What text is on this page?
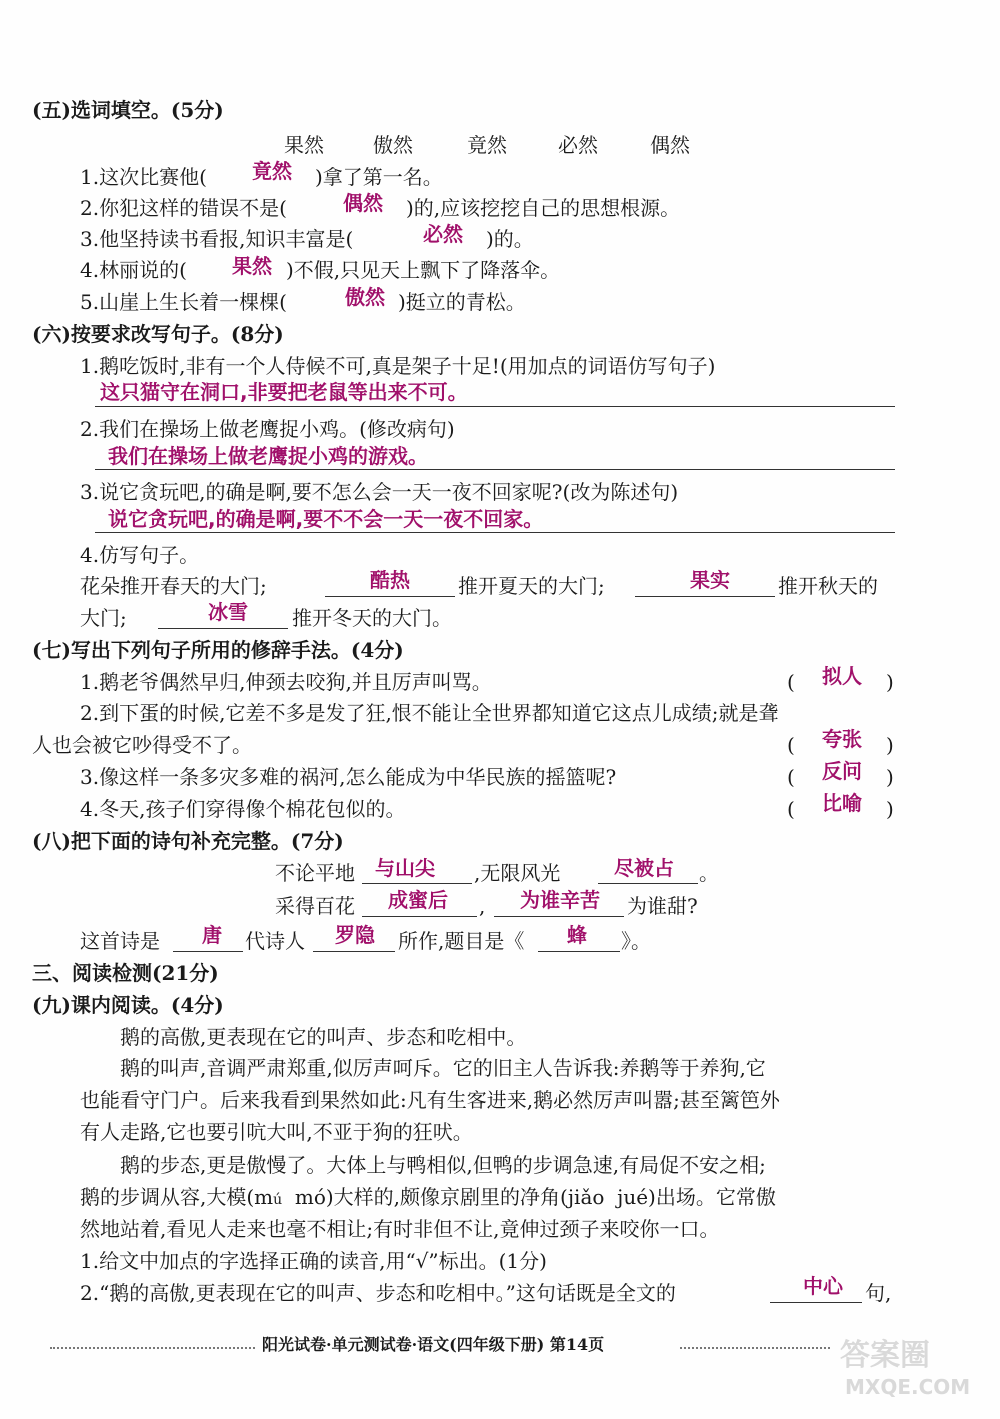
(五)选词填空。(5分)
果然 傲然	竟然	必然	偶然
1.这次比赛他( 竟然 )拿了第一名。
2.你犯这样的错误不是(	偶然 )的,应该挖挖自己的思想根源。
3.他坚持读书看报,知识丰富是(	必然 )的。
4.林丽说的( 果然 )不假,只见天上飘下了降落伞。
5.山崖上生长着一棵棵(	傲然 )挺立的青松。
(六)按要求改写句子。(8分)
1.鹅吃饭时,非有一个人侍候不可,真是架子十足!(用加点的词语仿写句子)
这只猫守在洞口,非要把老鼠等出来不可。
2.我们在操场上做老鹰捉小鸡。(修改病句)
我们在操场上做老鹰捉小鸡的游戏。
3.说它贪玩吧,的确是啊,要不怎么会一天一夜不回家呢?(改为陈述句)
说它贪玩吧,的确是啊,要不不会一天一夜不回家。
4.仿写句子。
花朵推开春天的大门;	酷热 推开夏天的大门;	果实 推开秋天的
大门;	冰雪 推开冬天的大门。
(七)写出下列句子所用的修辞手法。(4分)
1.鹅老爷偶然早归,伸颈去咬狗,并且厉声叫骂。	( 拟人 )
2.到下蛋的时候,它差不多是发了狂,恨不能让全世界都知道它这点儿成绩;就是聋
人也会被它吵得受不了。	( 夸张 )
3.像这样一条多灾多难的祸河,怎么能成为中华民族的摇篮呢?	( 反问 )
4.冬天,孩子们穿得像个棉花包似的。	( 比喻 )
(八)把下面的诗句补充完整。(7分)
不论平地 与山尖 ,无限风光	尽被占 。
采得百花 成蜜后 , 为谁辛苦 为谁甜?
这首诗是 唐 代诗人 罗隐 所作,题目是《 蜂 》。
三、阅读检测(21分)
(九)课内阅读。(4分)
鹅的高傲,更表现在它的叫声、步态和吃相中。
鹅的叫声,音调严肃郑重,似厉声呵斥。它的旧主人告诉我:养鹅等于养狗,它
也能看守门户。后来我看到果然如此:凡有生客进来,鹅必然厉声叫嚣;甚至篱笆外
有人走路,它也要引吭大叫,不亚于狗的狂吠。
鹅的步态,更是傲慢了。大体上与鸭相似,但鸭的步调急速,有局促不安之相;
鹅的步调从容,大模(mú mó)大样的,颇像京剧里的净角(jiǎo jué)出场。它常傲
然地站着,看见人走来也毫不相让;有时非但不让,竟伸过颈子来咬你一口。
1.给文中加点的字选择正确的读音,用“√”标出。(1分)
2.“鹅的高傲,更表现在它的叫声、步态和吃相中。”这句话既是全文的	中心 句,
阳光试卷·单元测试卷·语文(四年级下册) 第14页	答案圈
MXQE.COM
